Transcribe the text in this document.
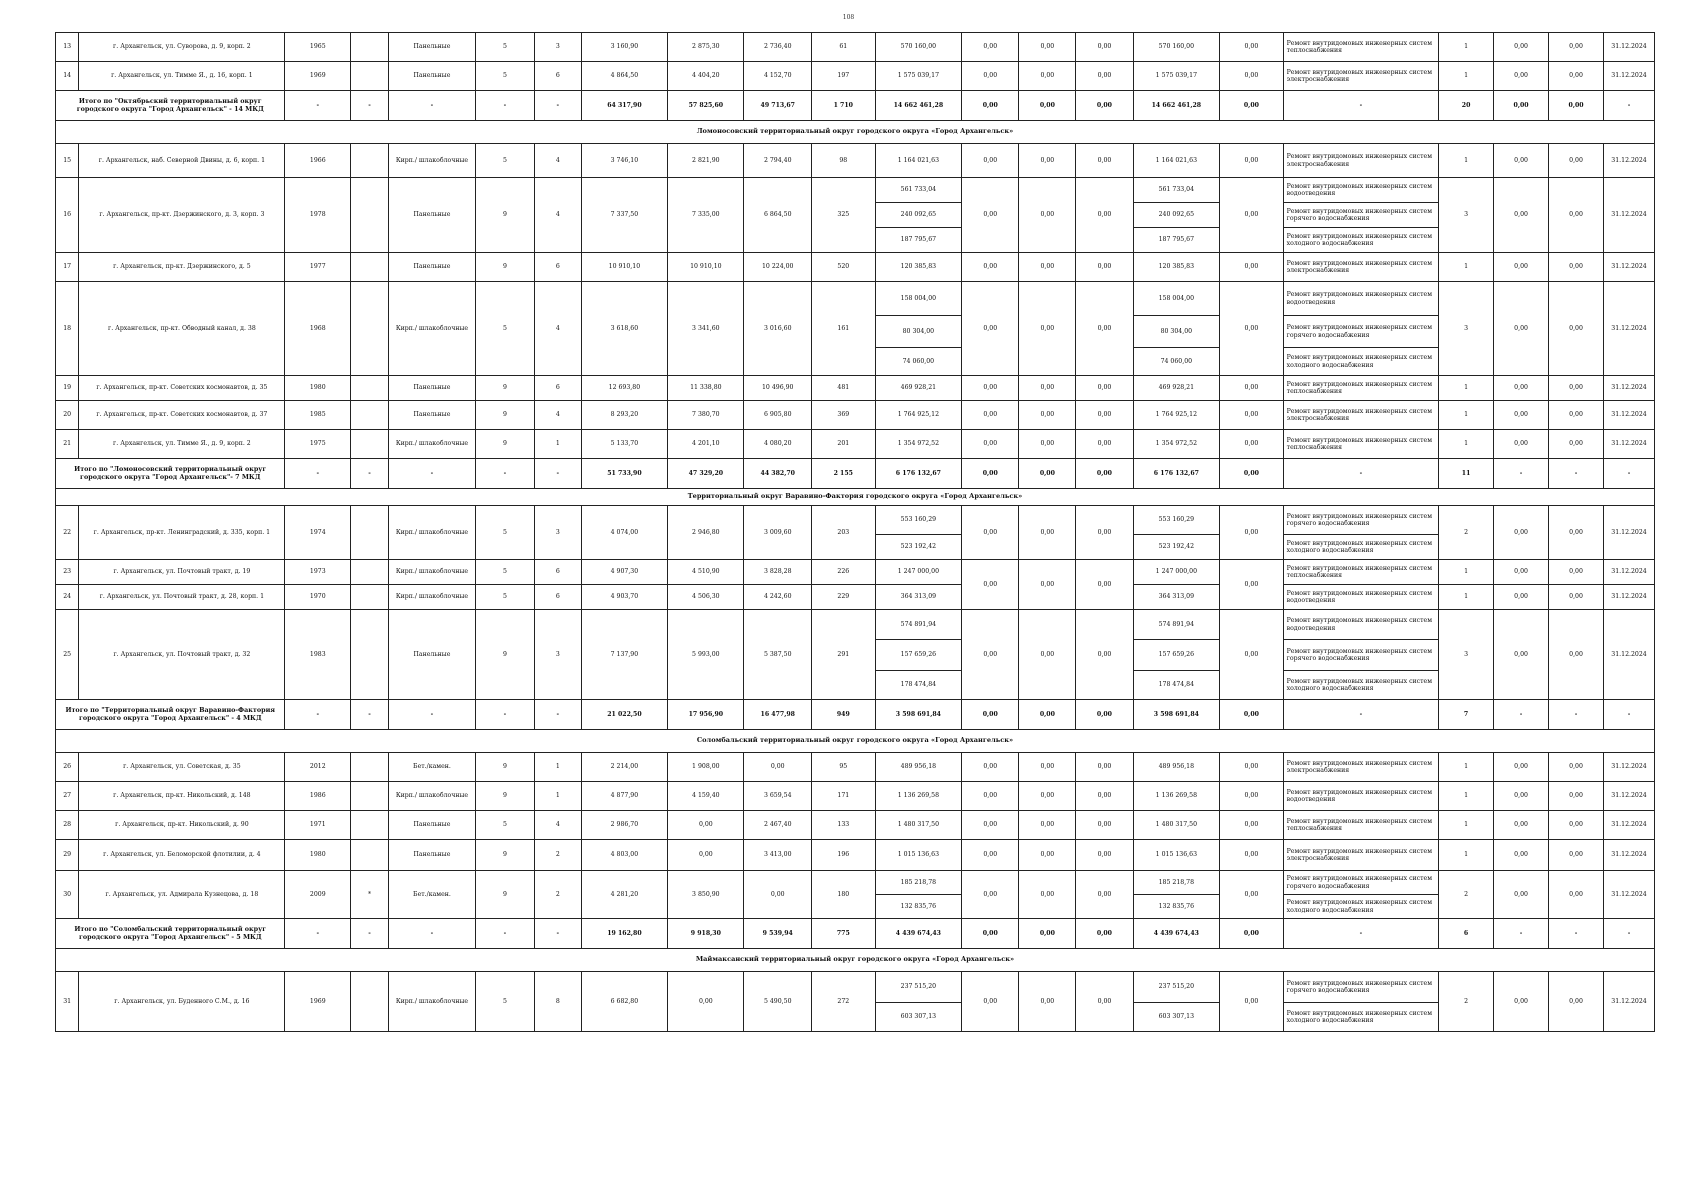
108
13	г. Архангельск, ул. Суворова, д. 9, корп. 2	1965		Панельные	5	3	3 160,90	2 875,30	2 736,40	61	570 160,00	0,00	0,00	0,00	570 160,00	0,00	Ремонт внутридомовых инженерных систем теплоснабжения	1	0,00	0,00	31.12.2024
14	г. Архангельск, ул. Тимме Я., д. 16, корп. 1	1969		Панельные	5	6	4 864,50	4 404,20	4 152,70	197	1 575 039,17	0,00	0,00	0,00	1 575 039,17	0,00	Ремонт внутридомовых инженерных систем электроснабжения	1	0,00	0,00	31.12.2024
Итого по "Октябрьский территориальный округ городского округа "Город Архангельск" - 14 МКД		-	-	-	-	-	64 317,90	57 825,60	49 713,67	1 710	14 662 461,28	0,00	0,00	0,00	14 662 461,28	0,00	-	20	0,00	0,00	-
Ломоносовский территориальный округ городского округа «Город Архангельск»																					
15	г. Архангельск, наб. Северной Двины, д. 6, корп. 1	1966		Кирп./ шлакоблочные	5	4	3 746,10	2 821,90	2 794,40	98	1 164 021,63	0,00	0,00	0,00	1 164 021,63	0,00	Ремонт внутридомовых инженерных систем электроснабжения	1	0,00	0,00	31.12.2024
16	г. Архангельск, пр-кт. Дзержинского, д. 3, корп. 3	1978		Панельные	9	4	7 337,50	7 335,00	6 864,50	325	561 733,04	0,00	0,00	0,00	561 733,04	0,00	Ремонт внутридомовых инженерных систем водоотведения	3	0,00	0,00	31.12.2024
											240 092,65				240 092,65		Ремонт внутридомовых инженерных систем горячего водоснабжения				
											187 795,67				187 795,67		Ремонт внутридомовых инженерных систем холодного водоснабжения				
17	г. Архангельск, пр-кт. Дзержинского, д. 5	1977		Панельные	9	6	10 910,10	10 910,10	10 224,00	520	120 385,83	0,00	0,00	0,00	120 385,83	0,00	Ремонт внутридомовых инженерных систем электроснабжения	1	0,00	0,00	31.12.2024
18	г. Архангельск, пр-кт. Обводный канал, д. 38	1968		Кирп./ шлакоблочные	5	4	3 618,60	3 341,60	3 016,60	161	158 004,00	0,00	0,00	0,00	158 004,00	0,00	Ремонт внутридомовых инженерных систем водоотведения	3	0,00	0,00	31.12.2024
											80 304,00				80 304,00		Ремонт внутридомовых инженерных систем горячего водоснабжения				
											74 060,00				74 060,00		Ремонт внутридомовых инженерных систем холодного водоснабжения				
19	г. Архангельск, пр-кт. Советских космонавтов, д. 35	1980		Панельные	9	6	12 693,80	11 338,80	10 496,90	481	469 928,21	0,00	0,00	0,00	469 928,21	0,00	Ремонт внутридомовых инженерных систем теплоснабжения	1	0,00	0,00	31.12.2024
20	г. Архангельск, пр-кт. Советских космонавтов, д. 37	1985		Панельные	9	4	8 293,20	7 380,70	6 905,80	369	1 764 925,12	0,00	0,00	0,00	1 764 925,12	0,00	Ремонт внутридомовых инженерных систем электроснабжения	1	0,00	0,00	31.12.2024
21	г. Архангельск, ул. Тимме Я., д. 9, корп. 2	1975		Кирп./ шлакоблочные	9	1	5 133,70	4 201,10	4 080,20	201	1 354 972,52	0,00	0,00	0,00	1 354 972,52	0,00	Ремонт внутридомовых инженерных систем теплоснабжения	1	0,00	0,00	31.12.2024
Итого по "Ломоносовский территориальный округ городского округа "Город Архангельск"- 7 МКД		-	-	-	-	-	51 733,90	47 329,20	44 382,70	2 155	6 176 132,67	0,00	0,00	0,00	6 176 132,67	0,00	-	11	-	-	-
Территориальный округ Варавино-Фактория городского округа «Город Архангельск»																					
22	г. Архангельск, пр-кт. Ленинградский, д. 335, корп. 1	1974		Кирп./ шлакоблочные	5	3	4 074,00	2 946,80	3 009,60	203	553 160,29	0,00	0,00	0,00	553 160,29	0,00	Ремонт внутридомовых инженерных систем горячего водоснабжения	2	0,00	0,00	31.12.2024
											523 192,42				523 192,42		Ремонт внутридомовых инженерных систем холодного водоснабжения				
23	г. Архангельск, ул. Почтовый тракт, д. 19	1973		Кирп./ шлакоблочные	5	6	4 907,30	4 510,90	3 828,28	226	1 247 000,00	0,00	0,00	0,00	1 247 000,00	0,00	Ремонт внутридомовых инженерных систем теплоснабжения	1	0,00	0,00	31.12.2024
24	г. Архангельск, ул. Почтовый тракт, д. 28, корп. 1	1970		Кирп./ шлакоблочные	5	6	4 903,70	4 506,30	4 242,60	229	364 313,09				364 313,09		Ремонт внутридомовых инженерных систем водоотведения	1	0,00	0,00	31.12.2024
25	г. Архангельск, ул. Почтовый тракт, д. 32	1983		Панельные	9	3	7 137,90	5 993,00	5 387,50	291	574 891,94	0,00	0,00	0,00	574 891,94	0,00	Ремонт внутридомовых инженерных систем водоотведения	3	0,00	0,00	31.12.2024
											157 659,26				157 659,26		Ремонт внутридомовых инженерных систем горячего водоснабжения				
											178 474,84				178 474,84		Ремонт внутридомовых инженерных систем холодного водоснабжения				
Итого по "Территориальный округ Варавино-Фактория городского округа "Город Архангельск" - 4 МКД		-	-	-	-	-	21 022,50	17 956,90	16 477,98	949	3 598 691,84	0,00	0,00	0,00	3 598 691,84	0,00	-	7	-	-	-
Соломбальский территориальный округ городского округа «Город Архангельск»																					
26	г. Архангельск, ул. Советская, д. 35	2012		Бет./камен.	9	1	2 214,00	1 908,00	0,00	95	489 956,18	0,00	0,00	0,00	489 956,18	0,00	Ремонт внутридомовых инженерных систем электроснабжения	1	0,00	0,00	31.12.2024
27	г. Архангельск, пр-кт. Никольский, д. 148	1986		Кирп./ шлакоблочные	9	1	4 877,90	4 159,40	3 659,54	171	1 136 269,58	0,00	0,00	0,00	1 136 269,58	0,00	Ремонт внутридомовых инженерных систем водоотведения	1	0,00	0,00	31.12.2024
28	г. Архангельск, пр-кт. Никольский, д. 90	1971		Панельные	5	4	2 986,70	0,00	2 467,40	133	1 480 317,50	0,00	0,00	0,00	1 480 317,50	0,00	Ремонт внутридомовых инженерных систем теплоснабжения	1	0,00	0,00	31.12.2024
29	г. Архангельск, ул. Беломорской флотилии, д. 4	1980		Панельные	9	2	4 803,00	0,00	3 413,00	196	1 015 136,63	0,00	0,00	0,00	1 015 136,63	0,00	Ремонт внутридомовых инженерных систем электроснабжения	1	0,00	0,00	31.12.2024
30	г. Архангельск, ул. Адмирала Кузнецова, д. 18	2009	*	Бет./камен.	9	2	4 281,20	3 850,90	0,00	180	185 218,78	0,00	0,00	0,00	185 218,78	0,00	Ремонт внутридомовых инженерных систем горячего водоснабжения	2	0,00	0,00	31.12.2024
											132 835,76				132 835,76		Ремонт внутридомовых инженерных систем холодного водоснабжения				
Итого по "Соломбальский территориальный округ городского округа "Город Архангельск" - 5 МКД		-	-	-	-	-	19 162,80	9 918,30	9 539,94	775	4 439 674,43	0,00	0,00	0,00	4 439 674,43	0,00	-	6	-	-	-
Маймаксанский территориальный округ городского округа «Город Архангельск»																					
31	г. Архангельск, ул. Буденного С.М., д. 16	1969		Кирп./ шлакоблочные	5	8	6 682,80	0,00	5 490,50	272	237 515,20	0,00	0,00	0,00	237 515,20	0,00	Ремонт внутридомовых инженерных систем горячего водоснабжения	2	0,00	0,00	31.12.2024
											603 307,13				603 307,13		Ремонт внутридомовых инженерных систем холодного водоснабжения				
